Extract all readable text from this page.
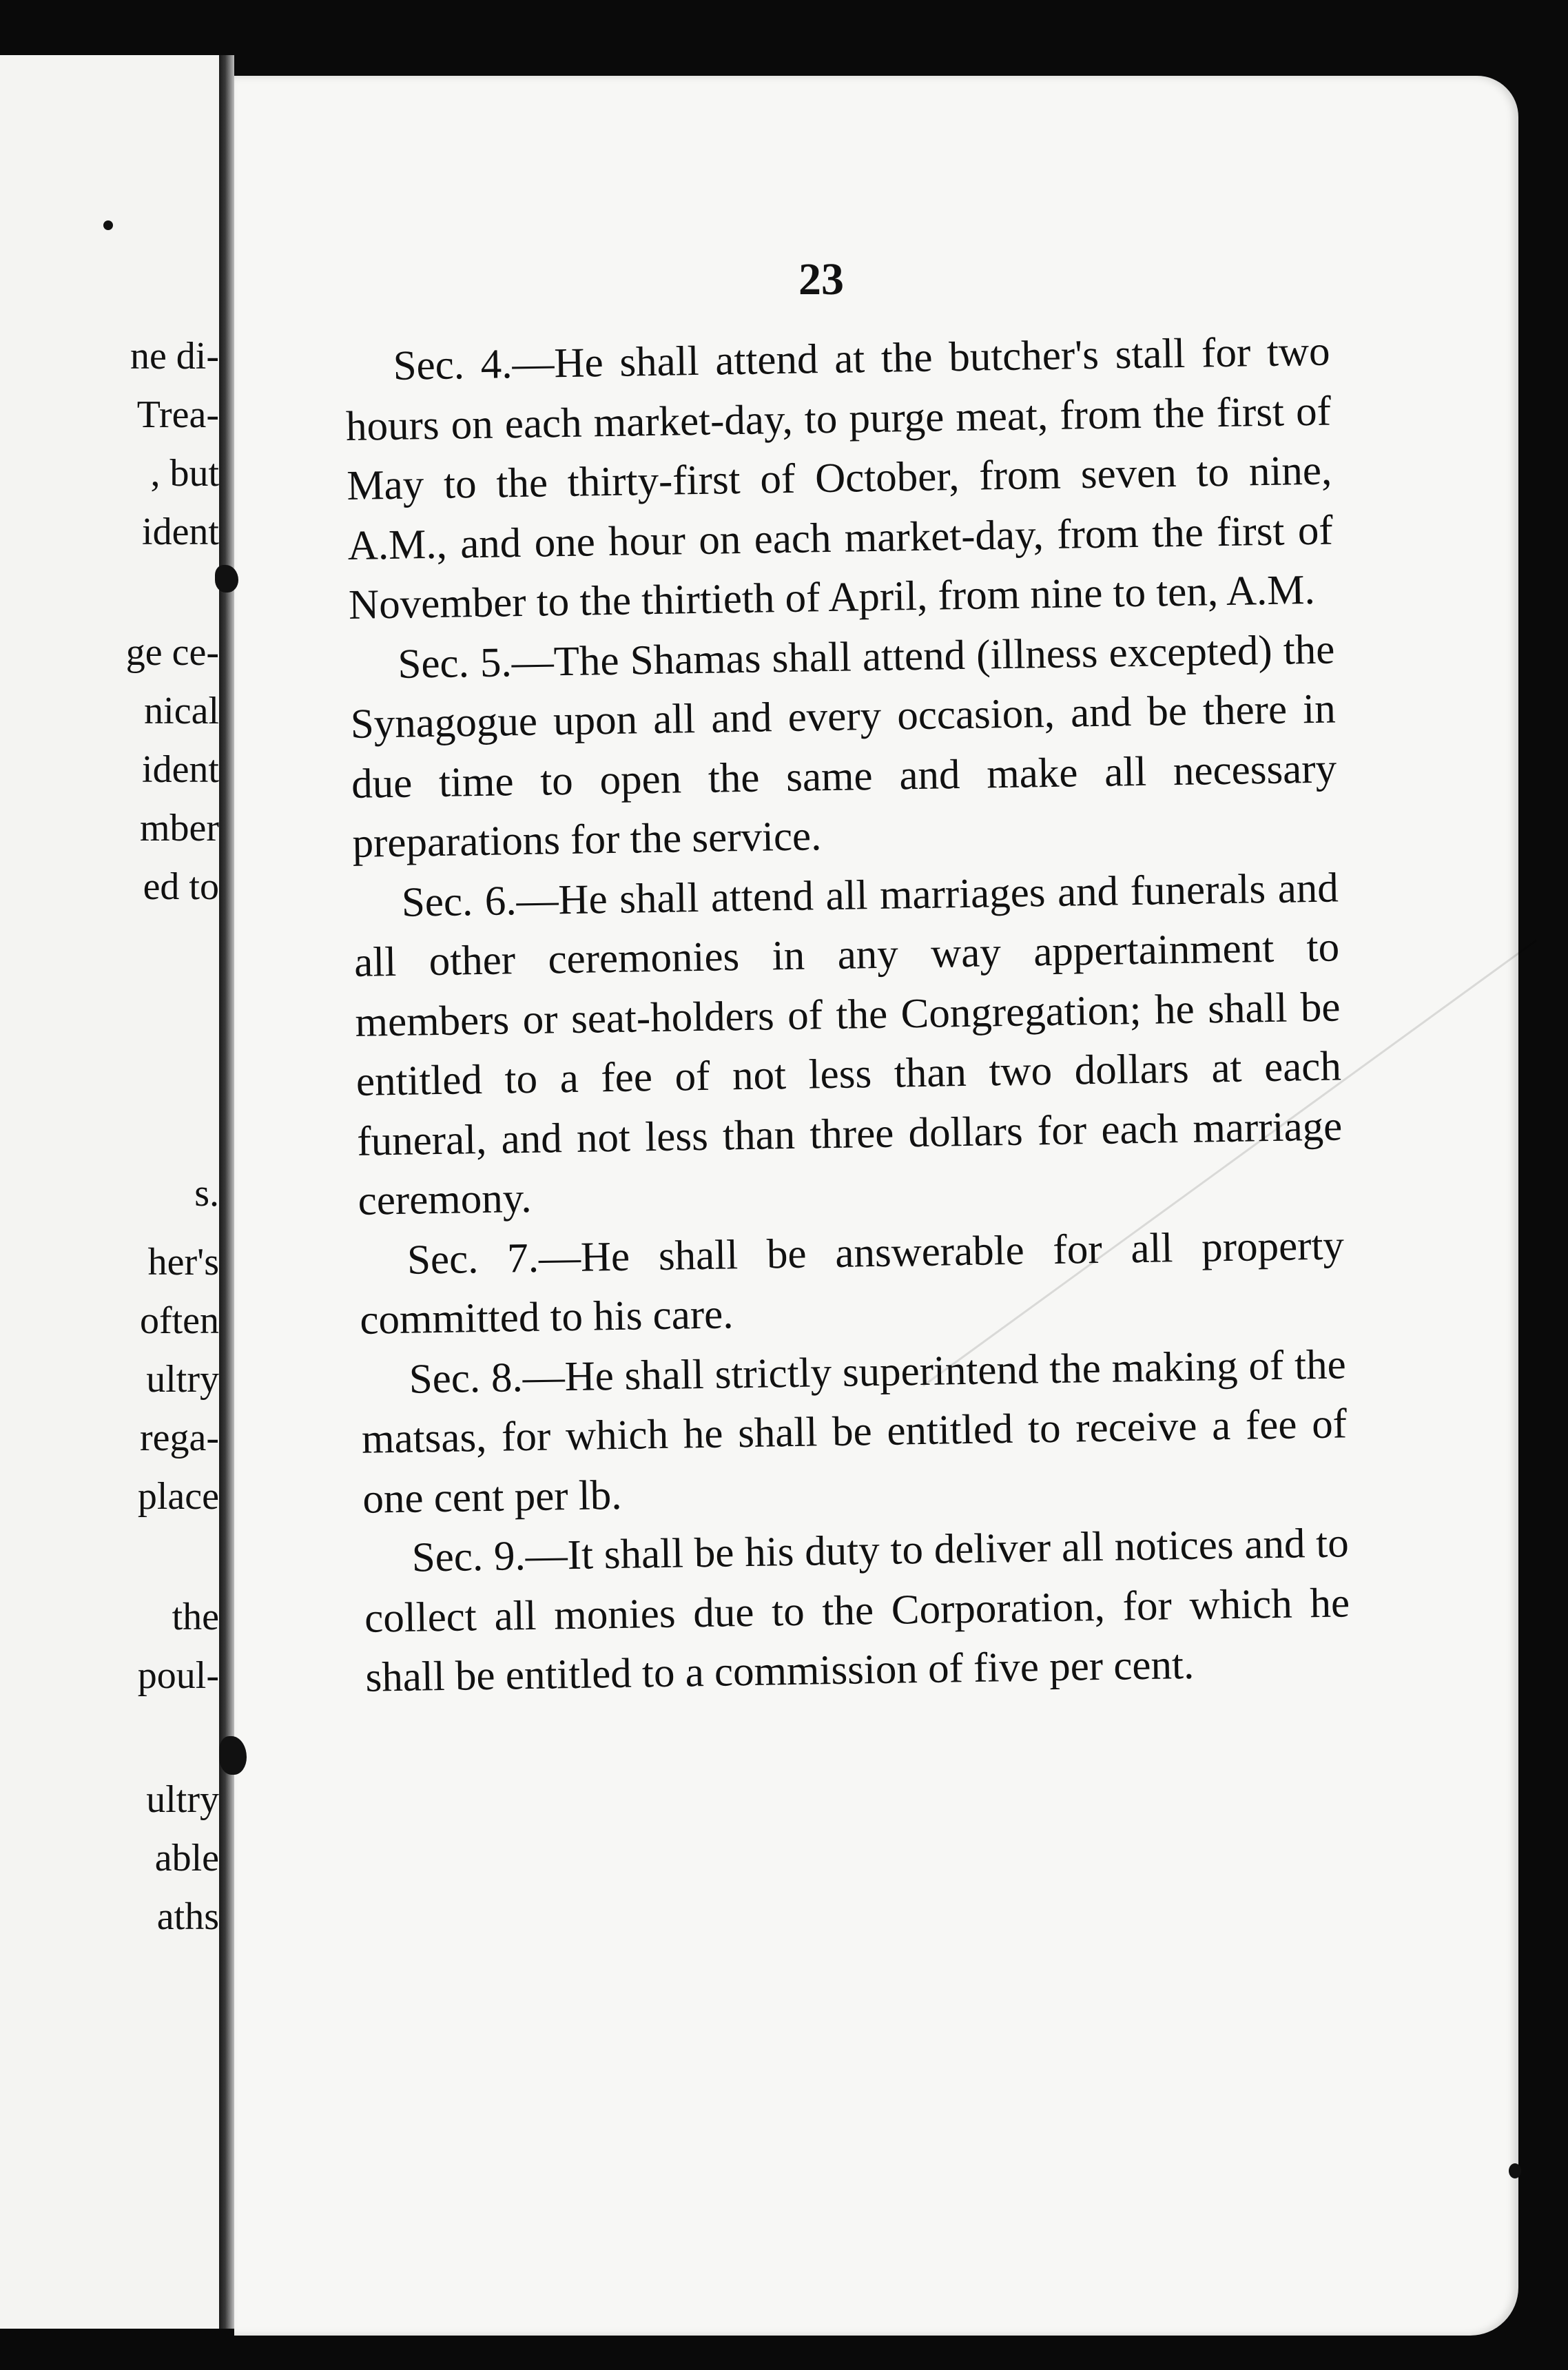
ne di-
Trea-
, but
ident
ge ce-
nical
ident
mber
ed to
s.
her's
often
ultry
rega-
place
the
poul-
ultry
able
aths
23

Sec. 4.—He shall attend at the butcher's stall for two hours on each market-day, to purge meat, from the first of May to the thirty-first of October, from seven to nine, A.M., and one hour on each market-day, from the first of November to the thirtieth of April, from nine to ten, A.M.

Sec. 5.—The Shamas shall attend (illness excepted) the Synagogue upon all and every occasion, and be there in due time to open the same and make all necessary preparations for the service.

Sec. 6.—He shall attend all marriages and funerals and all other ceremonies in any way appertainment to members or seat-holders of the Congregation; he shall be entitled to a fee of not less than two dollars at each funeral, and not less than three dollars for each marriage ceremony.

Sec. 7.—He shall be answerable for all property committed to his care.

Sec. 8.—He shall strictly superintend the making of the matsas, for which he shall be entitled to receive a fee of one cent per lb.

Sec. 9.—It shall be his duty to deliver all notices and to collect all monies due to the Corporation, for which he shall be entitled to a commission of five per cent.
